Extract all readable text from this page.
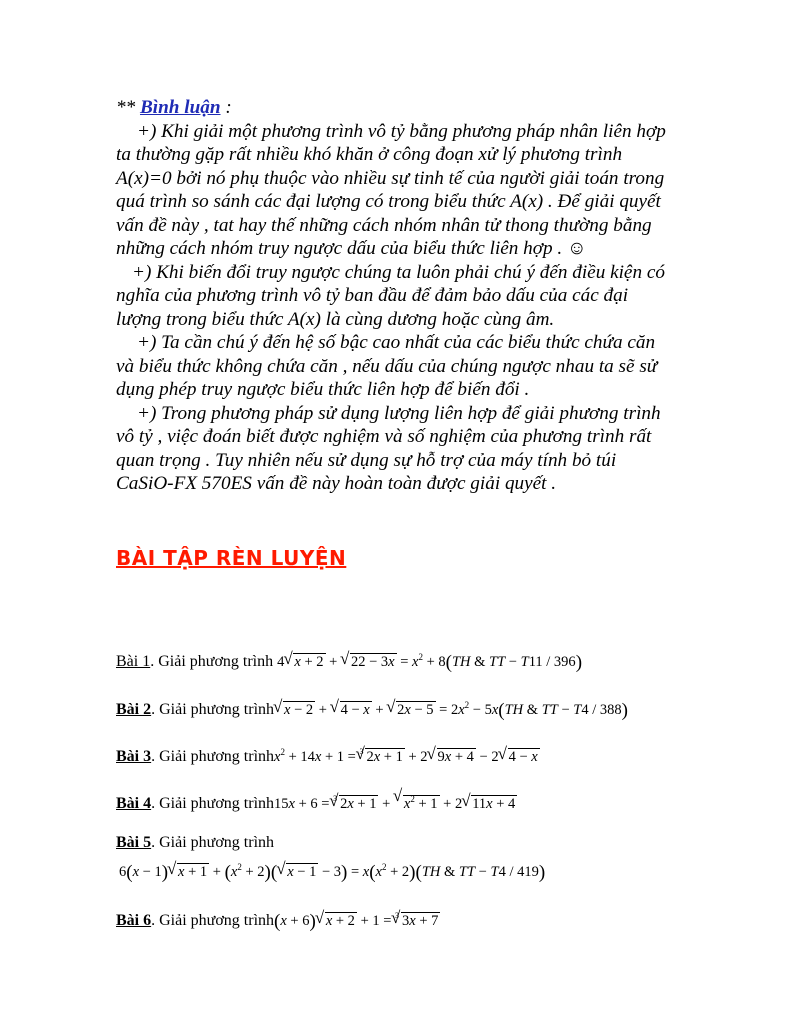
** Bình luận :

+) Khi giải một phương trình vô tỷ bằng phương pháp nhân liên hợp ta thường gặp rất nhiều khó khăn ở công đoạn xử lý phương trình A(x)=0 bởi nó phụ thuộc vào nhiều sự tinh tế của người giải toán trong quá trình so sánh các đại lượng có trong biểu thức A(x) . Để giải quyết vấn đề này , tat hay thế những cách nhóm nhân tử thong thường bằng những cách nhóm truy ngược dấu của biểu thức liên hợp . ☺

+) Khi biến đổi truy ngược chúng ta luôn phải chú ý đến điều kiện có nghĩa của phương trình vô tỷ ban đầu để đảm bảo dấu của các đại lượng trong biểu thức A(x) là cùng dương hoặc cùng âm.

+) Ta cần chú ý đến hệ số bậc cao nhất của các biểu thức chứa căn và biểu thức không chứa căn , nếu dấu của chúng ngược nhau ta sẽ sử dụng phép truy ngược biểu thức liên hợp để biến đổi .

+) Trong phương pháp sử dụng lượng liên hợp để giải phương trình vô tỷ , việc đoán biết được nghiệm và số nghiệm của phương trình rất quan trọng . Tuy nhiên nếu sử dụng sự hỗ trợ của máy tính bỏ túi CaSiO-FX 570ES vấn đề này hoàn toàn được giải quyết .

BÀI TẬP RÈN LUYỆN
Bài 1. Giải phương trình 4√ x + 2 + √ $22 - 3x = x^2 + 8(TH$ & TT − T11 / 396)
Bài 2. Giải phương trình√ x − 2 + √ 4 − x + √ $2x - 5 = 2x^2 - 5x(TH$ & TT − T4 / 388)
Bài 3. Giải phương trìnhx$^2$ + 14x + 1 = $^3$√ 2x + 1 + 2√ 9x + 4 − 2√ 4 − x
Bài 4. Giải phương trình15x + 6 = $^3$√ 2x + 1 + √ $x^2 + 1 + 2√$ 11x + 4
Bài 5. Giải phương trình
6(x − 1)√ $x + 1 + (x^2 + 2)(√$ $x - 1 - 3) = x(x^2 + 2)(TH$ & TT − T4 / 419)
Bài 6. Giải phương trình(x + 6)√ x + 2 + 1 = $^3$√ 3x + 7
